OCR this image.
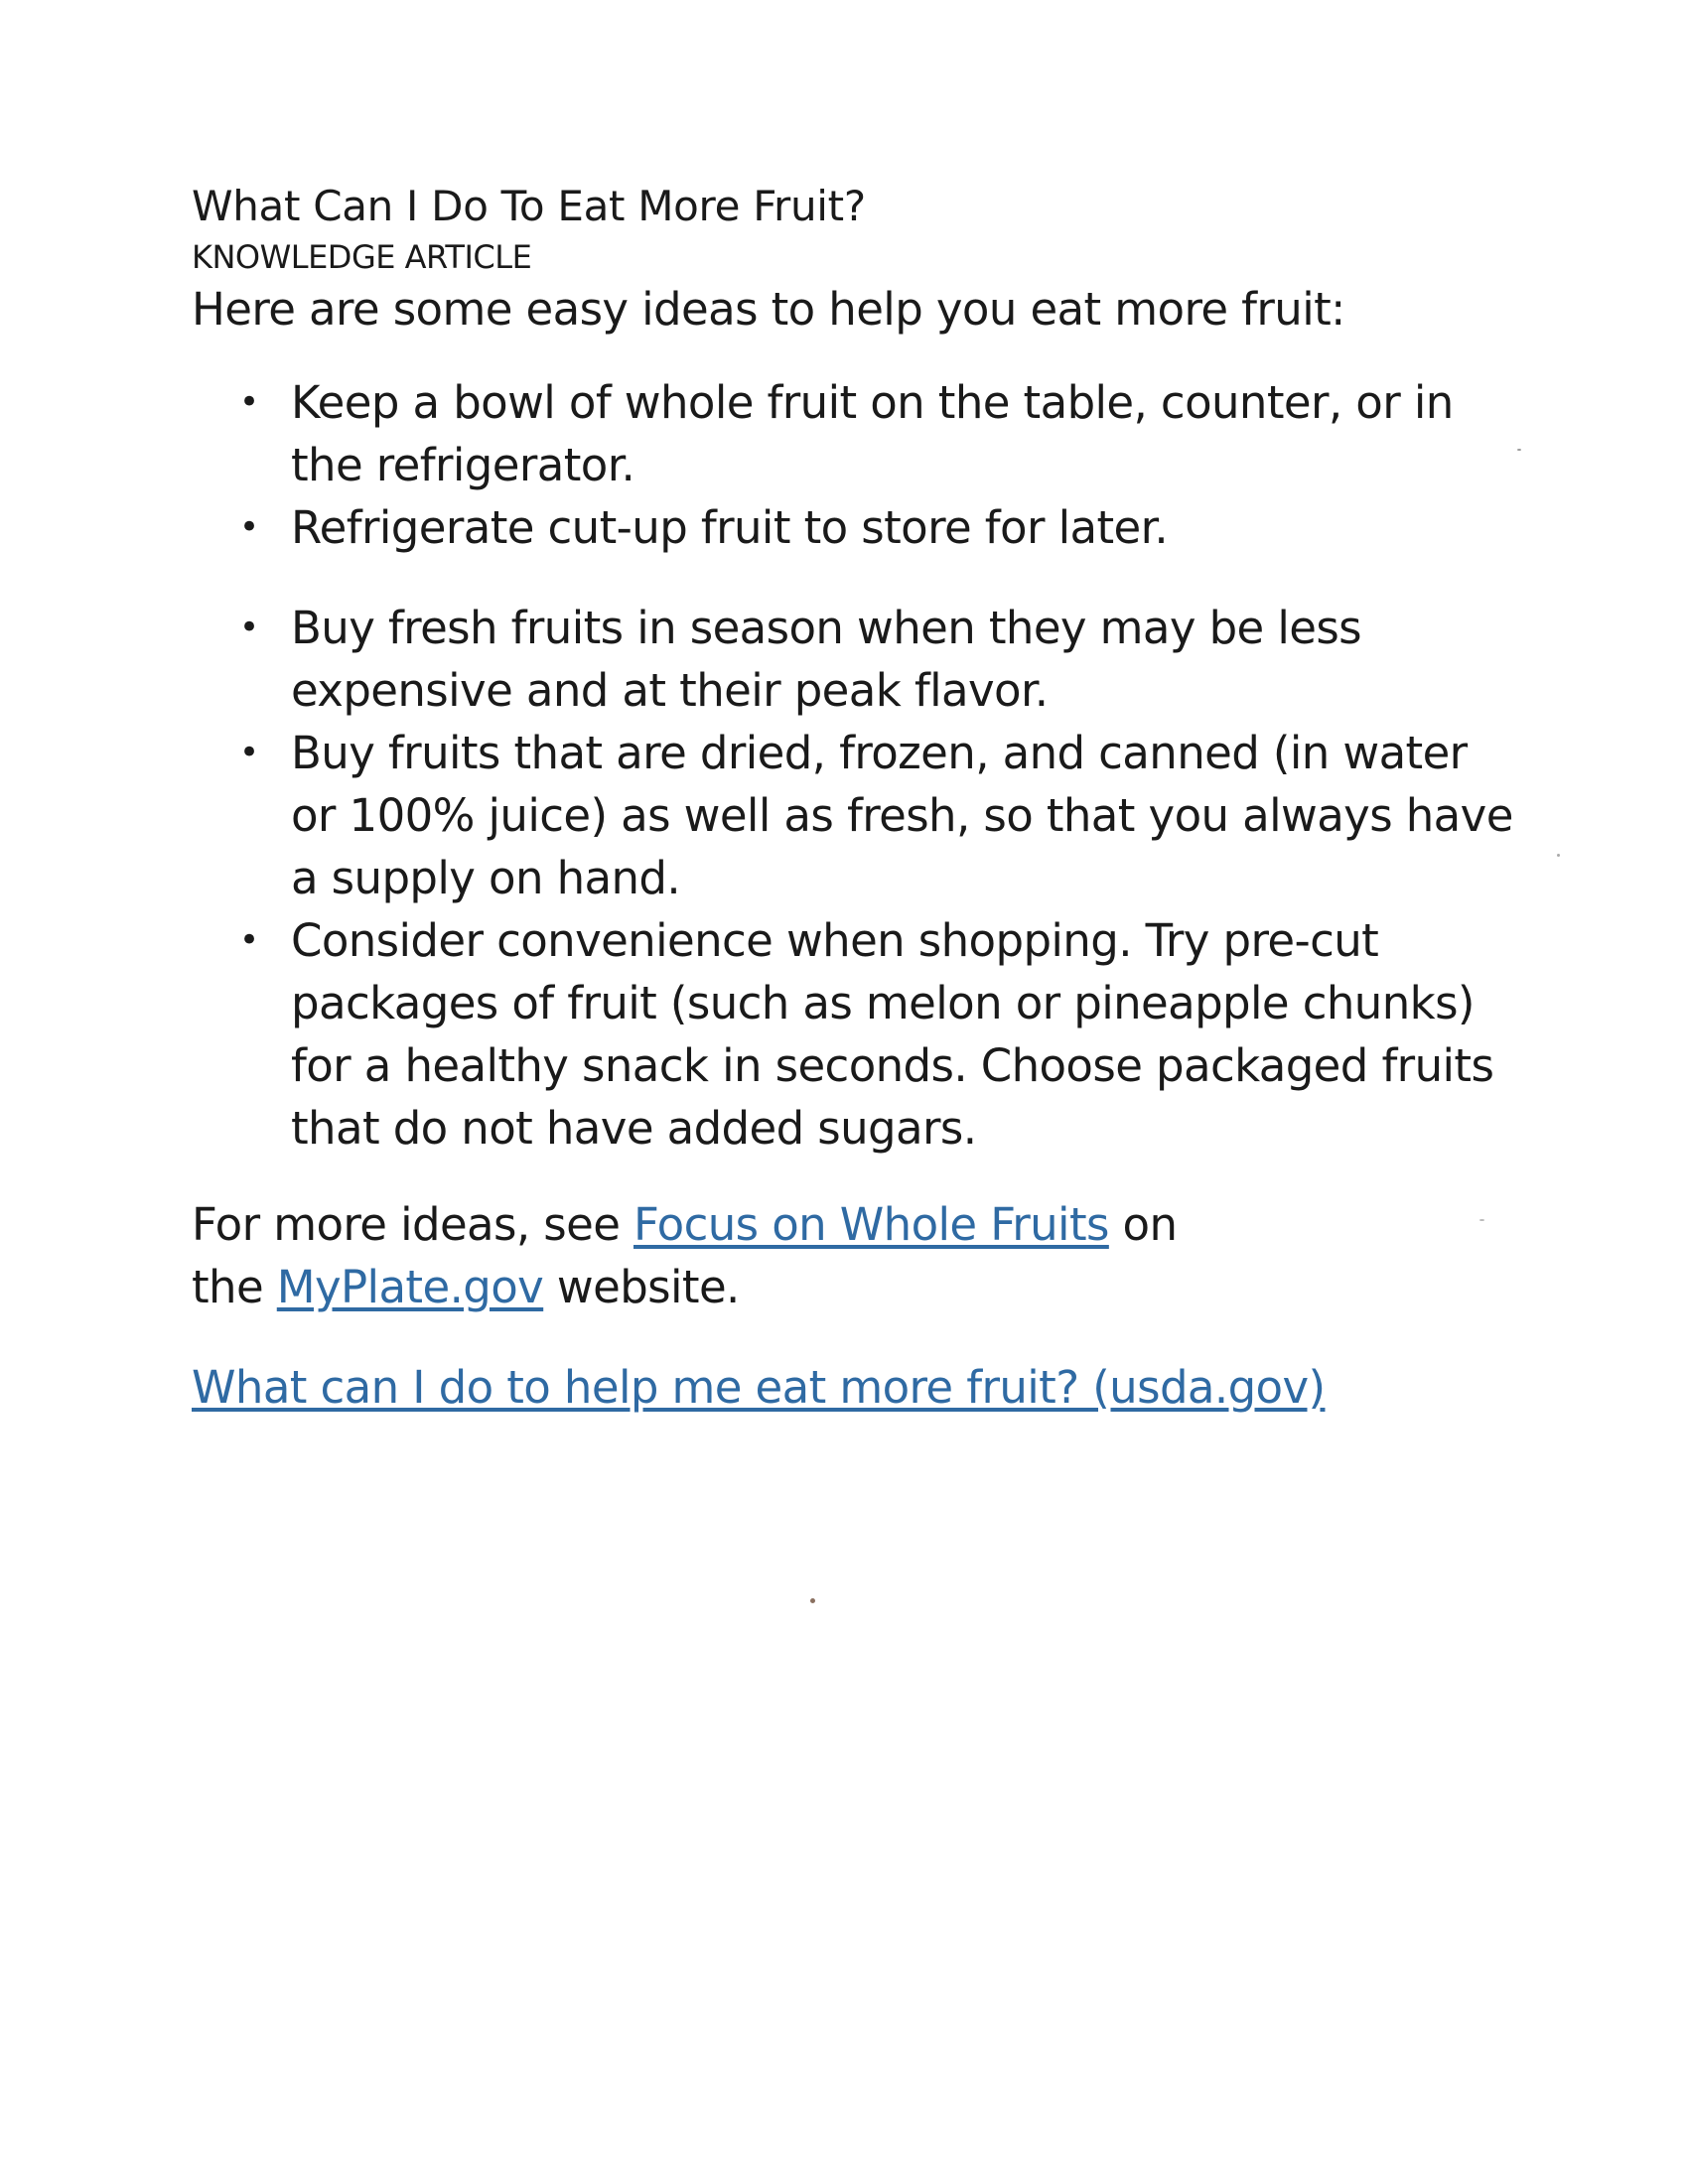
What Can I Do To Eat More Fruit?

KNOWLEDGE ARTICLE

Here are some easy ideas to help you eat more fruit:

• Keep a bowl of whole fruit on the table, counter, or in the refrigerator.
• Refrigerate cut-up fruit to store for later.
• Buy fresh fruits in season when they may be less expensive and at their peak flavor.
• Buy fruits that are dried, frozen, and canned (in water or 100% juice) as well as fresh, so that you always have a supply on hand.
• Consider convenience when shopping. Try pre-cut packages of fruit (such as melon or pineapple chunks) for a healthy snack in seconds. Choose packaged fruits that do not have added sugars.

For more ideas, see Focus on Whole Fruits on
the MyPlate.gov website.

What can I do to help me eat more fruit? (usda.gov)
